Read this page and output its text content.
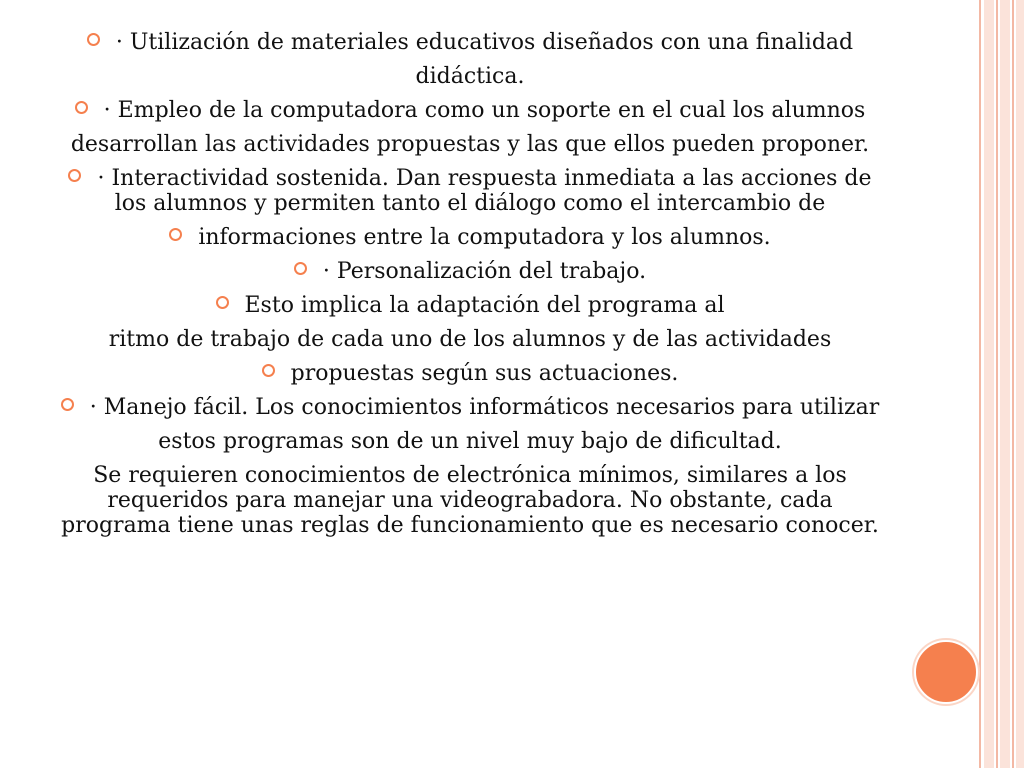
· Utilización de materiales educativos diseñados con una finalidad

didáctica.

· Empleo de la computadora como un soporte en el cual los alumnos

desarrollan las actividades propuestas y las que ellos pueden proponer.

· Interactividad sostenida. Dan respuesta inmediata a las acciones de los alumnos y permiten tanto el diálogo como el intercambio de

informaciones entre la computadora y los alumnos.

· Personalización del trabajo.

Esto implica la adaptación del programa al

ritmo de trabajo de cada uno de los alumnos y de las actividades

propuestas según sus actuaciones.

· Manejo fácil. Los conocimientos informáticos necesarios para utilizar

estos programas son de un nivel muy bajo de dificultad.

Se requieren conocimientos de electrónica mínimos, similares a los requeridos para manejar una videograbadora. No obstante, cada programa tiene unas reglas de funcionamiento que es necesario conocer.
